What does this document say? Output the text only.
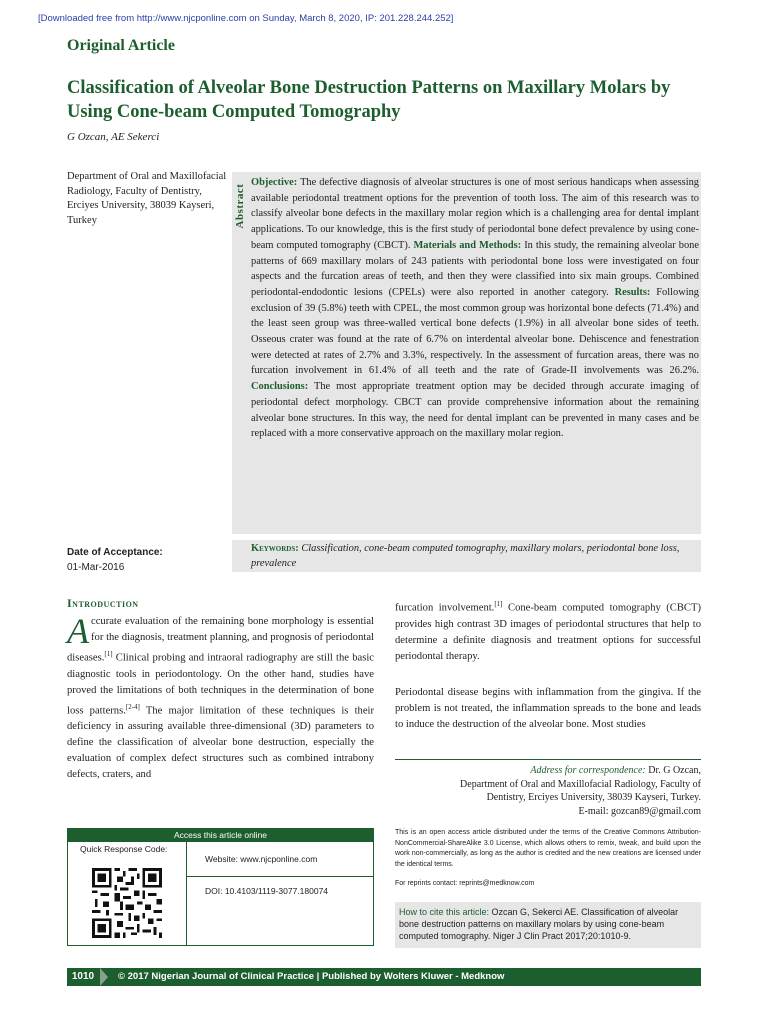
[Downloaded free from http://www.njcponline.com on Sunday, March 8, 2020, IP: 201.228.244.252]
Original Article
Classification of Alveolar Bone Destruction Patterns on Maxillary Molars by Using Cone-beam Computed Tomography
G Ozcan, AE Sekerci
Department of Oral and Maxillofacial Radiology, Faculty of Dentistry, Erciyes University, 38039 Kayseri, Turkey	Abstract
Objective: The defective diagnosis of alveolar structures is one of most serious handicaps when assessing available periodontal treatment options for the prevention of tooth loss. The aim of this research was to classify alveolar bone defects in the maxillary molar region which is a challenging area for dental implant applications. To our knowledge, this is the first study of periodontal bone defect prevalence by using cone-beam computed tomography (CBCT). Materials and Methods: In this study, the remaining alveolar bone patterns of 669 maxillary molars of 243 patients with periodontal bone loss were investigated on four aspects and the furcation areas of teeth, and then they were classified into six main groups. Combined periodontal-endodontic lesions (CPELs) were also reported in another category. Results: Following exclusion of 39 (5.8%) teeth with CPEL, the most common group was horizontal bone defects (71.4%) and the least seen group was three-walled vertical bone defects (1.9%) in all alveolar bone sides of teeth. Osseous crater was found at the rate of 6.7% on interdental alveolar bone. Dehiscence and fenestration were detected at rates of 2.7% and 3.3%, respectively. In the assessment of furcation areas, there was no furcation involvement in 61.4% of all teeth and the rate of Grade-II involvements was 26.2%. Conclusions: The most appropriate treatment option may be decided through accurate imaging of periodontal defect morphology. CBCT can provide comprehensive information about the remaining alveolar bone structures. In this way, the need for dental implant can be prevented in many cases and be replaced with a more conservative approach on the maxillary molar region.
Keywords: Classification, cone-beam computed tomography, maxillary molars, periodontal bone loss, prevalence
Date of Acceptance:
01-Mar-2016
Introduction
Accurate evaluation of the remaining bone morphology is essential for the diagnosis, treatment planning, and prognosis of periodontal diseases.[1] Clinical probing and intraoral radiography are still the basic diagnostic tools in periodontology. On the other hand, studies have proved the limitations of both techniques in the determination of bone loss patterns.[2-4] The major limitation of these techniques is their deficiency in assuring available three-dimensional (3D) parameters to define the classification of alveolar bone destruction, especially the evaluation of complex defect structures such as combined intrabony defects, craters, and
furcation involvement.[1] Cone-beam computed tomography (CBCT) provides high contrast 3D images of periodontal structures that help to determine a definite diagnosis and treatment options for successful periodontal therapy.
Periodontal disease begins with inflammation from the gingiva. If the problem is not treated, the inflammation spreads to the bone and leads to induce the destruction of the alveolar bone. Most studies
Address for correspondence: Dr. G Ozcan,
Department of Oral and Maxillofacial Radiology, Faculty of
Dentistry, Erciyes University, 38039 Kayseri, Turkey.
E-mail: gozcan89@gmail.com
This is an open access article distributed under the terms of the Creative Commons Attribution-NonCommercial-ShareAlike 3.0 License, which allows others to remix, tweak, and build upon the work non-commercially, as long as the author is credited and the new creations are licensed under the identical terms.
For reprints contact: reprints@medknow.com
How to cite this article: Ozcan G, Sekerci AE. Classification of alveolar bone destruction patterns on maxillary molars by using cone-beam computed tomography. Niger J Clin Pract 2017;20:1010-9.
Access this article online
Quick Response Code:
Website: www.njcponline.com
DOI: 10.4103/1119-3077.180074
1010	© 2017 Nigerian Journal of Clinical Practice | Published by Wolters Kluwer - Medknow
